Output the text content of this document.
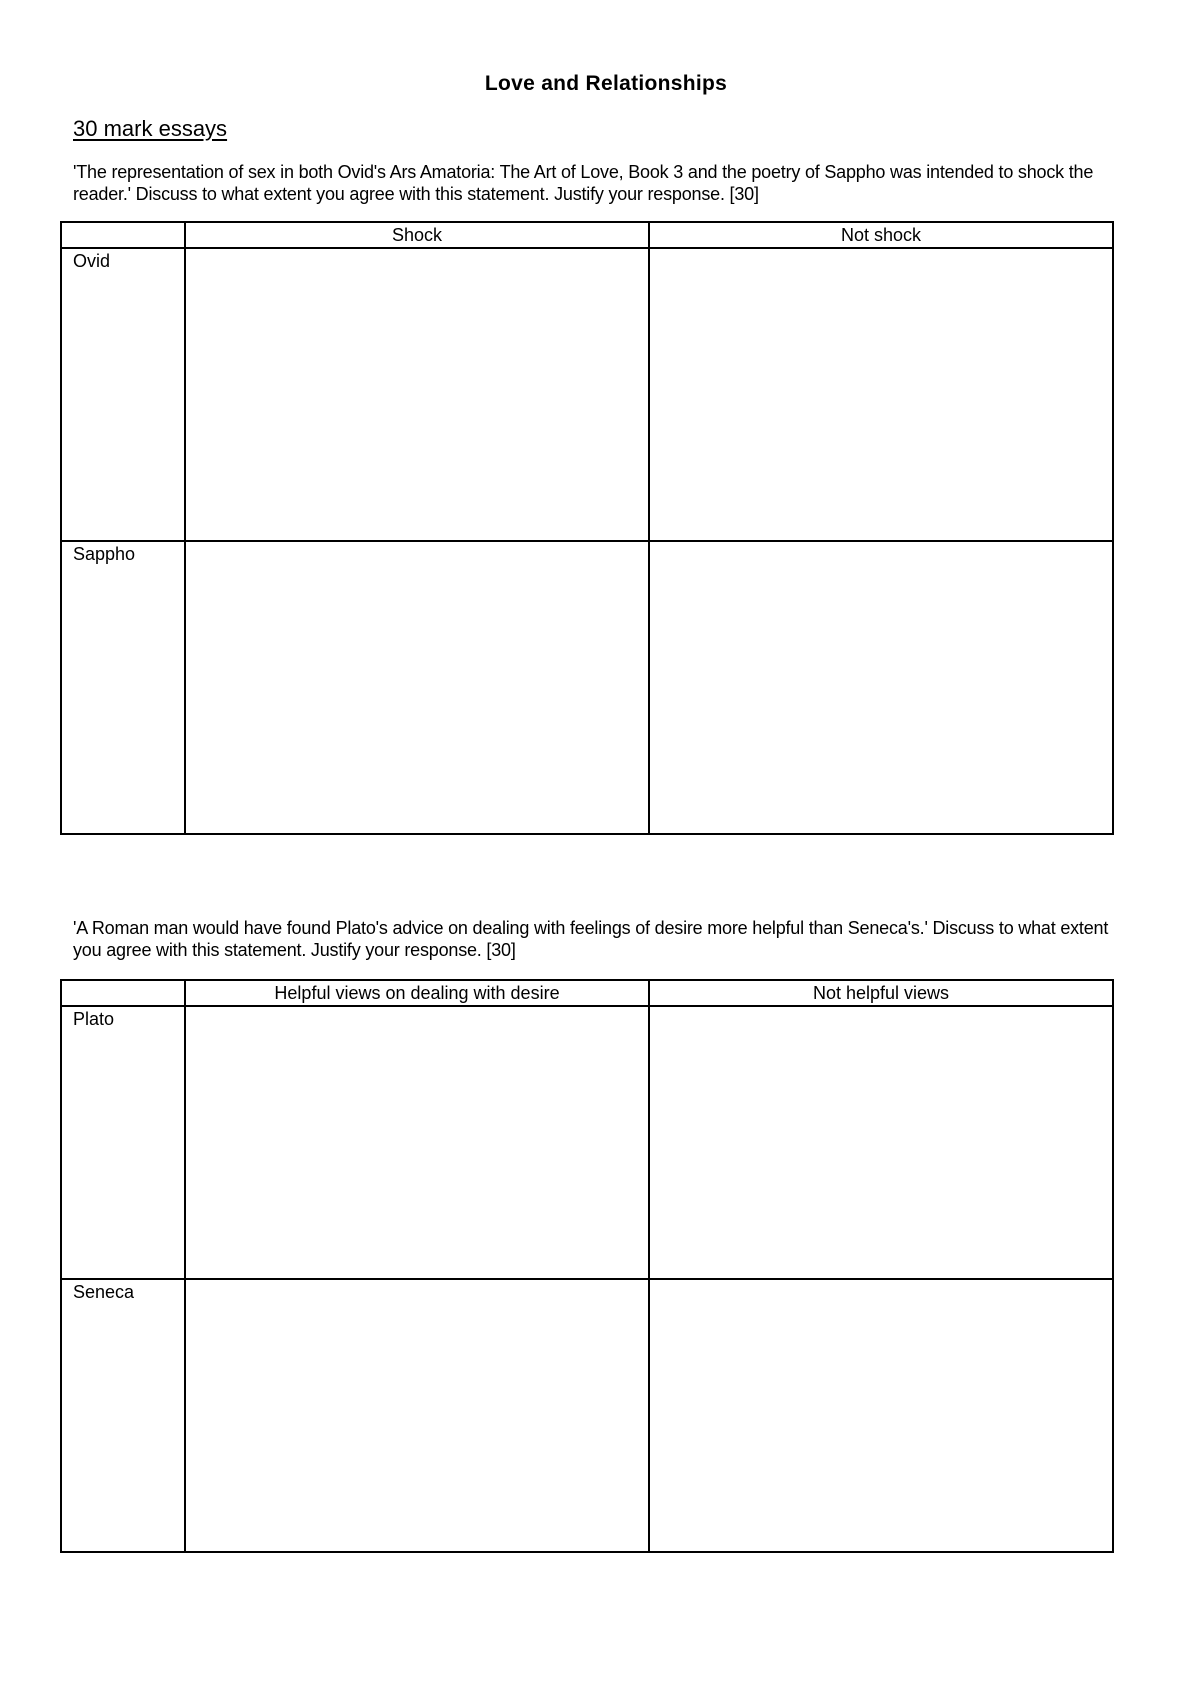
Love and Relationships
30 mark essays
'The representation of sex in both Ovid's Ars Amatoria: The Art of Love, Book 3 and the poetry of Sappho was intended to shock the reader.' Discuss to what extent you agree with this statement. Justify your response. [30]
	Shock	Not shock
Ovid		
Sappho		
'A Roman man would have found Plato's advice on dealing with feelings of desire more helpful than Seneca's.' Discuss to what extent you agree with this statement. Justify your response. [30]
	Helpful views on dealing with desire	Not helpful views
Plato		
Seneca		
